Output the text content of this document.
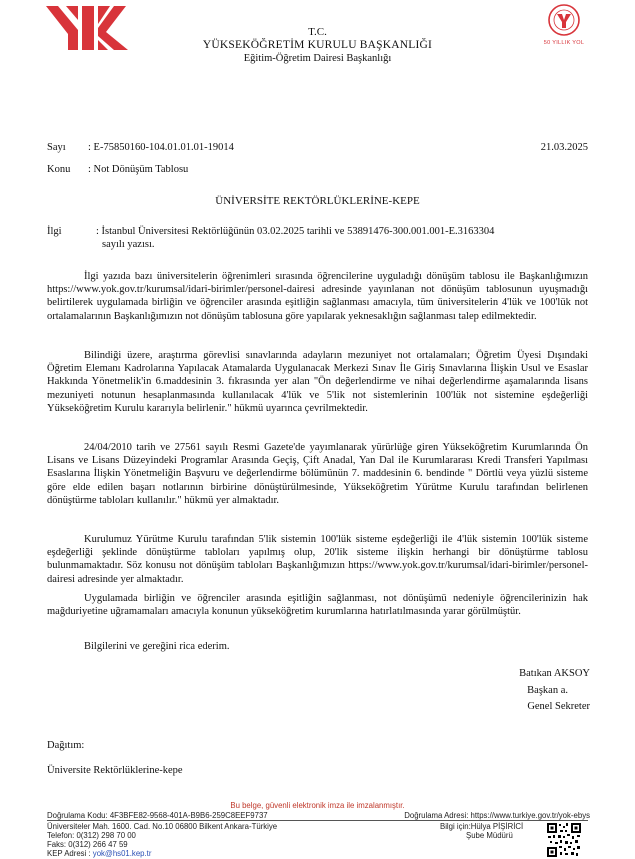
T.C.
YÜKSEKÖĞRETİM KURULU BAŞKANLIĞI
Eğitim-Öğretim Dairesi Başkanlığı
50 YILLIK YOL
Sayı : E-75850160-104.01.01.01-19014	21.03.2025
Konu : Not Dönüşüm Tablosu
ÜNİVERSİTE REKTÖRLÜKLERİNE-KEPE
İlgi	: İstanbul Üniversitesi Rektörlüğünün 03.02.2025 tarihli ve 53891476-300.001.001-E.3163304
sayılı yazısı.

İlgi yazıda bazı üniversitelerin öğrenimleri sırasında öğrencilerine uyguladığı dönüşüm tablosu ile Başkanlığımızın https://www.yok.gov.tr/kurumsal/idari-birimler/personel-dairesi adresinde yayınlanan not dönüşüm tablosunun uyuşmadığı belirtilerek uygulamada birliğin ve öğrenciler arasında eşitliğin sağlanması amacıyla, tüm üniversitelerin 4'lük ve 100'lük not ortalamalarının Başkanlığımızın not dönüşüm tablosuna göre yapılarak yeknesaklığın sağlanması talep edilmektedir.

Bilindiği üzere, araştırma görevlisi sınavlarında adayların mezuniyet not ortalamaları; Öğretim Üyesi Dışındaki Öğretim Elemanı Kadrolarına Yapılacak Atamalarda Uygulanacak Merkezi Sınav İle Giriş Sınavlarına İlişkin Usul ve Esaslar Hakkında Yönetmelik'in 6.maddesinin 3. fıkrasında yer alan "Ön değerlendirme ve nihai değerlendirme aşamalarında lisans mezuniyeti notunun hesaplanmasında kullanılacak 4'lük ve 5'lik not sistemlerinin 100'lük not sistemine eşdeğerliği Yükseköğretim Kurulu kararıyla belirlenir." hükmü uyarınca çevrilmektedir.

24/04/2010 tarih ve 27561 sayılı Resmi Gazete'de yayımlanarak yürürlüğe giren Yükseköğretim Kurumlarında Ön Lisans ve Lisans Düzeyindeki Programlar Arasında Geçiş, Çift Anadal, Yan Dal ile Kurumlararası Kredi Transferi Yapılması Esaslarına İlişkin Yönetmeliğin Başvuru ve değerlendirme bölümünün 7. maddesinin 6. bendinde " Dörtlü veya yüzlü sisteme göre elde edilen başarı notlarının birbirine dönüştürülmesinde, Yükseköğretim Yürütme Kurulu tarafından belirlenen dönüştürme tabloları kullanılır." hükmü yer almaktadır.

Kurulumuz Yürütme Kurulu tarafından 5'lik sistemin 100'lük sisteme eşdeğerliği ile 4'lük sistemin 100'lük sisteme eşdeğerliği şeklinde dönüştürme tabloları yapılmış olup, 20'lik sisteme ilişkin herhangi bir dönüştürme tablosu bulunmamaktadır. Söz konusu not dönüşüm tabloları Başkanlığımızın https://www.yok.gov.tr/kurumsal/idari-birimler/personel-dairesi adresinde yer almaktadır.

Uygulamada birliğin ve öğrenciler arasında eşitliğin sağlanması, not dönüşümü nedeniyle öğrencilerinizin hak mağduriyetine uğramamaları amacıyla konunun yükseköğretim kurumlarına hatırlatılmasında yarar görülmüştür.

Bilgilerini ve gereğini rica ederim.

Batıkan AKSOY
Başkan a.
Genel Sekreter
Dağıtım:
Üniversite Rektörlüklerine-kepe
Bu belge, güvenli elektronik imza ile imzalanmıştır.
Doğrulama Kodu: 4F3BFE82-9568-401A-B9B6-259C8EEF9737	Doğrulama Adresi: https://www.turkiye.gov.tr/yok-ebys
Üniversiteler Mah. 1600. Cad. No.10 06800 Bilkent Ankara-Türkiye
Telefon: 0(312) 298 70 00
Faks: 0(312) 266 47 59
KEP Adresi : yok@hs01.kep.tr
Bilgi için:Hülya PİŞİRİCİ
Şube Müdürü
